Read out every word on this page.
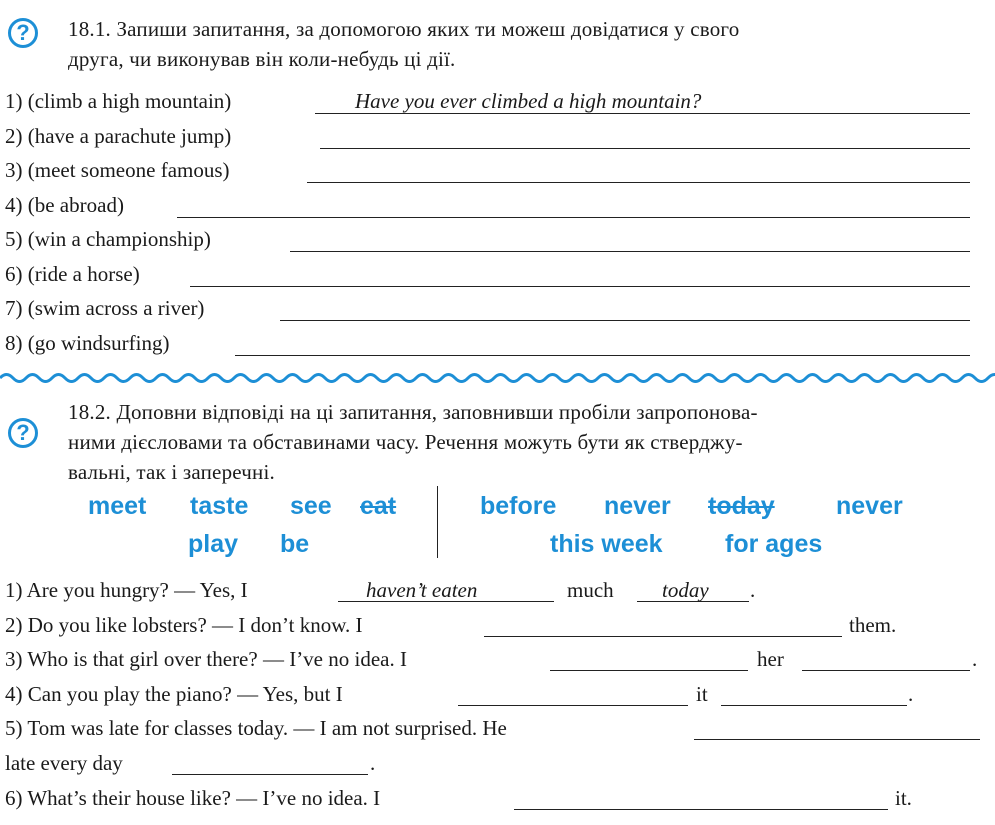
?	18.1. Запиши запитання, за допомогою яких ти можеш довідатися у свого
друга, чи виконував він коли-небудь ці дії.
1) (climb a high mountain)	Have you ever climbed a high mountain?
2) (have a parachute jump)
3) (meet someone famous)
4) (be abroad)
5) (win a championship)
6) (ride a horse)
7) (swim across a river)
8) (go windsurfing)
?
18.2. Доповни відповіді на ці запитання, заповнивши пробіли запропонова-
ними дієсловами та обставинами часу. Речення можуть бути як стверджу-
вальні, так і заперечні.
meet taste see eat
play be
before never today never
this week for ages
1) Are you hungry? — Yes, I	haven’t eaten	much today .
2) Do you like lobsters? — I don’t know. I	them.
3) Who is that girl over there? — I’ve no idea. I	her	.
4) Can you play the piano? — Yes, but I	it	.
5) Tom was late for classes today. — I am not surprised. He
late every day	.
6) What’s their house like? — I’ve no idea. I	it.
